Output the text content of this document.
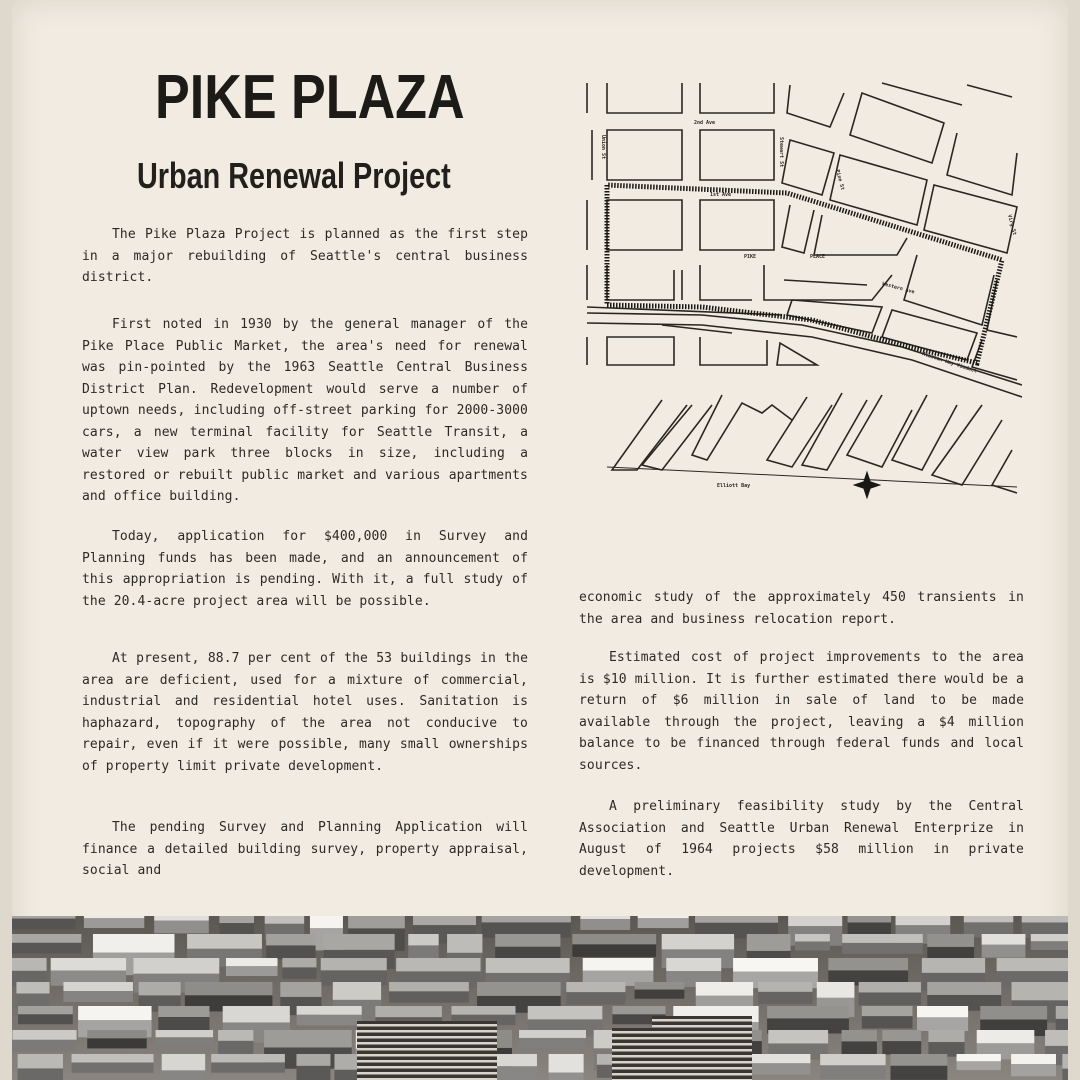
PIKE PLAZA
Urban Renewal Project

The Pike Plaza Project is planned as the first step in a major rebuilding of Seattle's central business district.

First noted in 1930 by the general manager of the Pike Place Public Market, the area's need for renewal was pin-pointed by the 1963 Seattle Central Business District Plan. Redevelopment would serve a number of uptown needs, including off-street parking for 2000-3000 cars, a new terminal facility for Seattle Transit, a water view park three blocks in size, including a restored or rebuilt public market and various apartments and office building.

Today, application for $400,000 in Survey and Planning funds has been made, and an announcement of this appropriation is pending. With it, a full study of the 20.4-acre project area will be possible.

At present, 88.7 per cent of the 53 buildings in the area are deficient, used for a mixture of commercial, industrial and residential hotel uses. Sanitation is haphazard, topography of the area not conducive to repair, even if it were possible, many small ownerships of property limit private development.

The pending Survey and Planning Application will finance a detailed building survey, property appraisal, social and

economic study of the approximately 450 transients in the area and business relocation report.

Estimated cost of project improvements to the area is $10 million. It is further estimated there would be a return of $6 million in sale of land to be made available through the project, leaving a $4 million balance to be financed through federal funds and local sources.

A preliminary feasibility study by the Central Association and Seattle Urban Renewal Enterprize in August of 1964 projects $58 million in private development.

2nd Ave
1st Ave
PIKE	PLACE
Western Ave
Alaskan Way Viaduct
Elliott Bay
Union St	Stewart St
Pine St
Virg St
